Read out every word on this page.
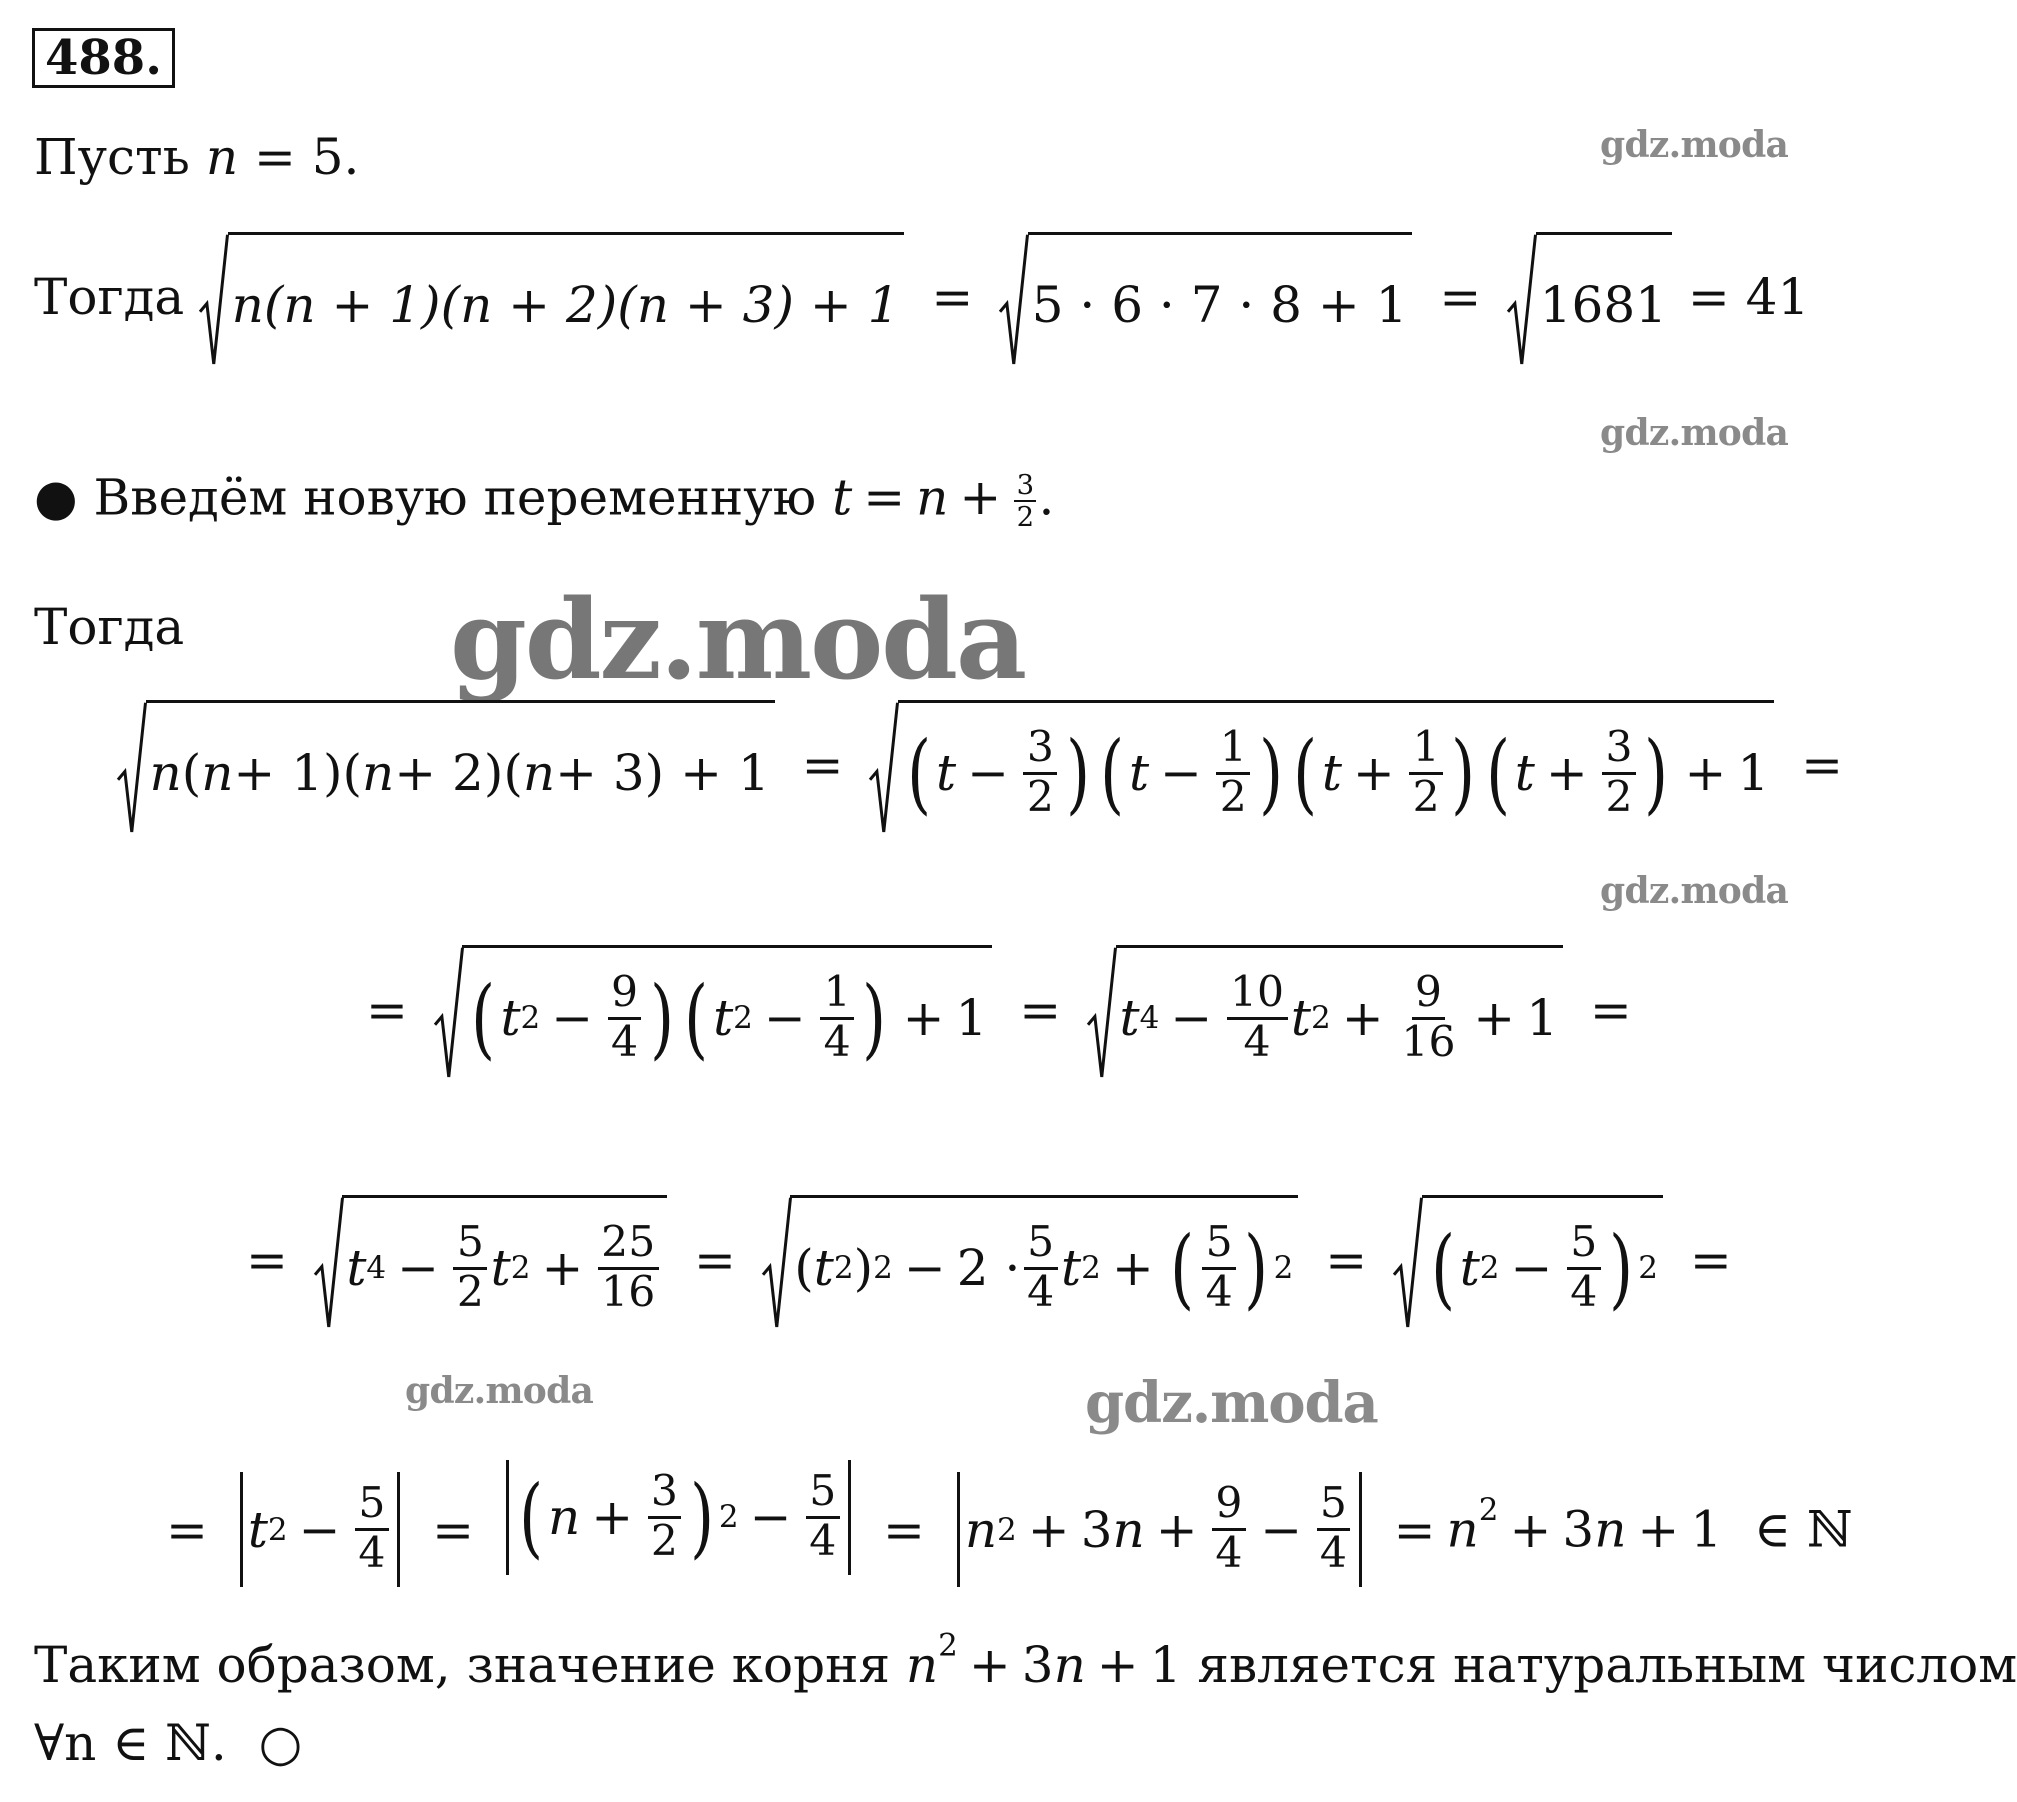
488.
gdz.moda
gdz.moda
gdz.moda
gdz.moda
gdz.moda	gdz.moda
Пусть n = 5.
Тогда n(n + 1)(n + 2)(n + 3) + 1 = 5 · 6 · 7 · 8 + 1 = 1681 = 41
● Введём новую переменную $t = n + \frac{3}{2}$ .
Тогда
n ( n + 1)( n + 2)( n + 3) + 1 = ( $t - \frac{3}{2}$ ) ( $t - \frac{1}{2}$ ) ( $t + \frac{1}{2}$ ) ( $t + \frac{3}{2}$ ) + 1 =
= ( t $2 - \frac{9}{4}$ ) ( t $2 - \frac{1}{4}$ ) + 1 = t $4 - \frac{10}{4}$ t $2 + \frac{9}{16} + 1$ =
= t $4 - \frac{5}{2}$ t $2 + \frac{25}{16}$ = ( t 2 ) $2 - 2 \cdot \frac{5}{4}$ t 2 + ( $\frac{5}{4}$ ) 2 = ( t $2 - \frac{5}{4}$ ) 2 =
= t $2 - \frac{5}{4}$ = ( $n + \frac{3}{2}$ ) $2 - \frac{5}{4} = n$ 2 + 3 $n + \frac{9}{4} - \frac{5}{4} = n^2 + 3n + 1$  ∈ ℕ
Таким образом, значение корня $n^2 + 3n + 1$ является натуральным числом
∀n ∈ ℕ. ○
